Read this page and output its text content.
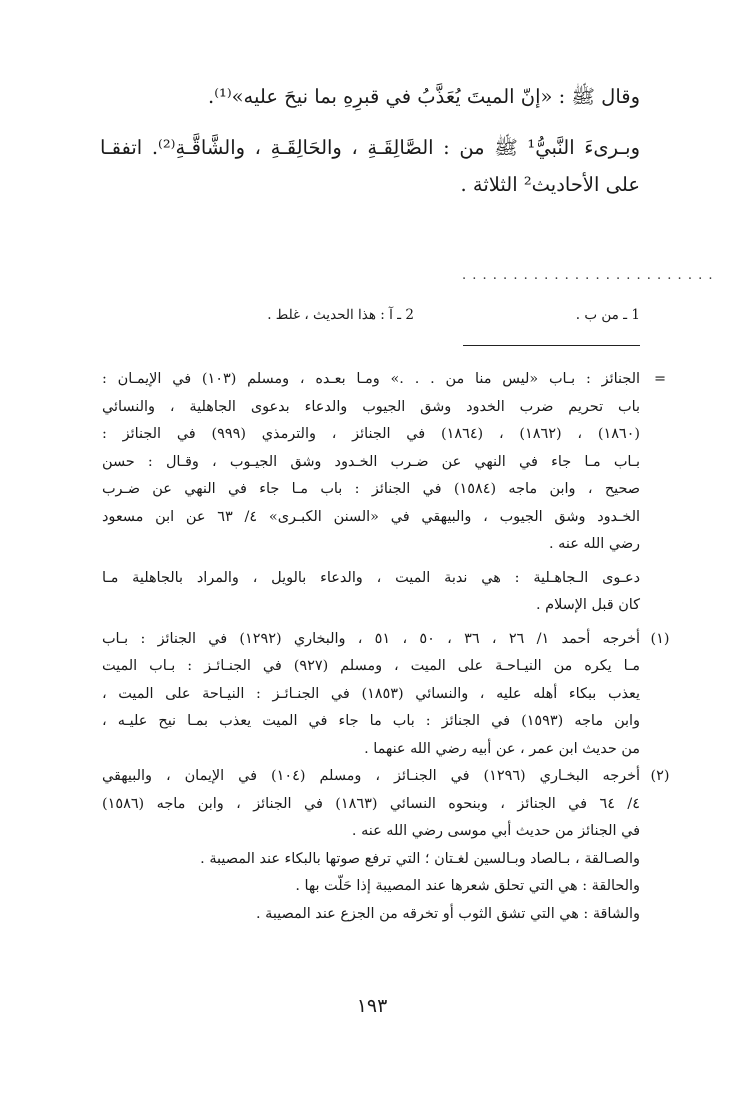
وقال ﷺ : «إنّ الميتَ يُعَذَّبُ في قبرِهِ بما نيحَ عليه»⁽¹⁾.
وبـرىءَ النَّبيُّ¹ ﷺ من : الصَّالِقَـةِ ، والحَالِقَـةِ ، والشَّاقَّـةِ⁽²⁾. اتفقـا
على الأحاديث² الثلاثة .
. . . . . . . . . . . . . . . . . . . . . . . . .
1 ـ من ب .
2 ـ آ : هذا الحديث ، غلط .
=
الجنائز : بـاب «ليس منا من . . .» ومـا بعـده ، ومسلم (١٠٣) في الإيمـان :
باب تحريم ضرب الخدود وشق الجيوب والدعاء بدعوى الجاهلية ، والنسائي
(١٨٦٠) ، (١٨٦٢) ، (١٨٦٤) في الجنائز ، والترمذي (٩٩٩) في الجنائز :
بـاب مـا جاء في النهي عن ضـرب الخـدود وشق الجيـوب ، وقـال : حسن
صحيح ، وابن ماجه (١٥٨٤) في الجنائز : باب مـا جاء في النهي عن ضـرب
الخـدود وشق الجيوب ، والبيهقي في «السنن الكبـرى» ٤/ ٦٣ عن ابن مسعود
رضي الله عنه .
دعـوى الـجاهـلية : هي ندبة الميت ، والدعاء بالويل ، والمراد بالجاهلية مـا
كان قبل الإسلام .
(١)
أخرجه أحمد ١/ ٢٦ ، ٣٦ ، ٥٠ ، ٥١ ، والبخاري (١٢٩٢) في الجنائز : بـاب
مـا يكره من النيـاحـة على الميت ، ومسلم (٩٢٧) في الجنـائـز : بـاب الميت
يعذب ببكاء أهله عليه ، والنسائي (١٨٥٣) في الجنـائـز : النيـاحة على الميت ،
وابن ماجه (١٥٩٣) في الجنائز : باب ما جاء في الميت يعذب بمـا نيح عليـه ،
من حديث ابن عمر ، عن أبيه رضي الله عنهما .
(٢)
أخرجه البخـاري (١٢٩٦) في الجنـائز ، ومسلم (١٠٤) في الإيمان ، والبيهقي
٤/ ٦٤ في الجنائز ، وبنحوه النسائي (١٨٦٣) في الجنائز ، وابن ماجه (١٥٨٦)
في الجنائز من حديث أبي موسى رضي الله عنه .
والصـالقة ، بـالصاد وبـالسين لغـتان ؛ التي ترفع صوتها بالبكاء عند المصيبة .
والحالقة : هي التي تحلق شعرها عند المصيبة إذا حَلّت بها .
والشاقة : هي التي تشق الثوب أو تخرقه من الجزع عند المصيبة .
١٩٣
